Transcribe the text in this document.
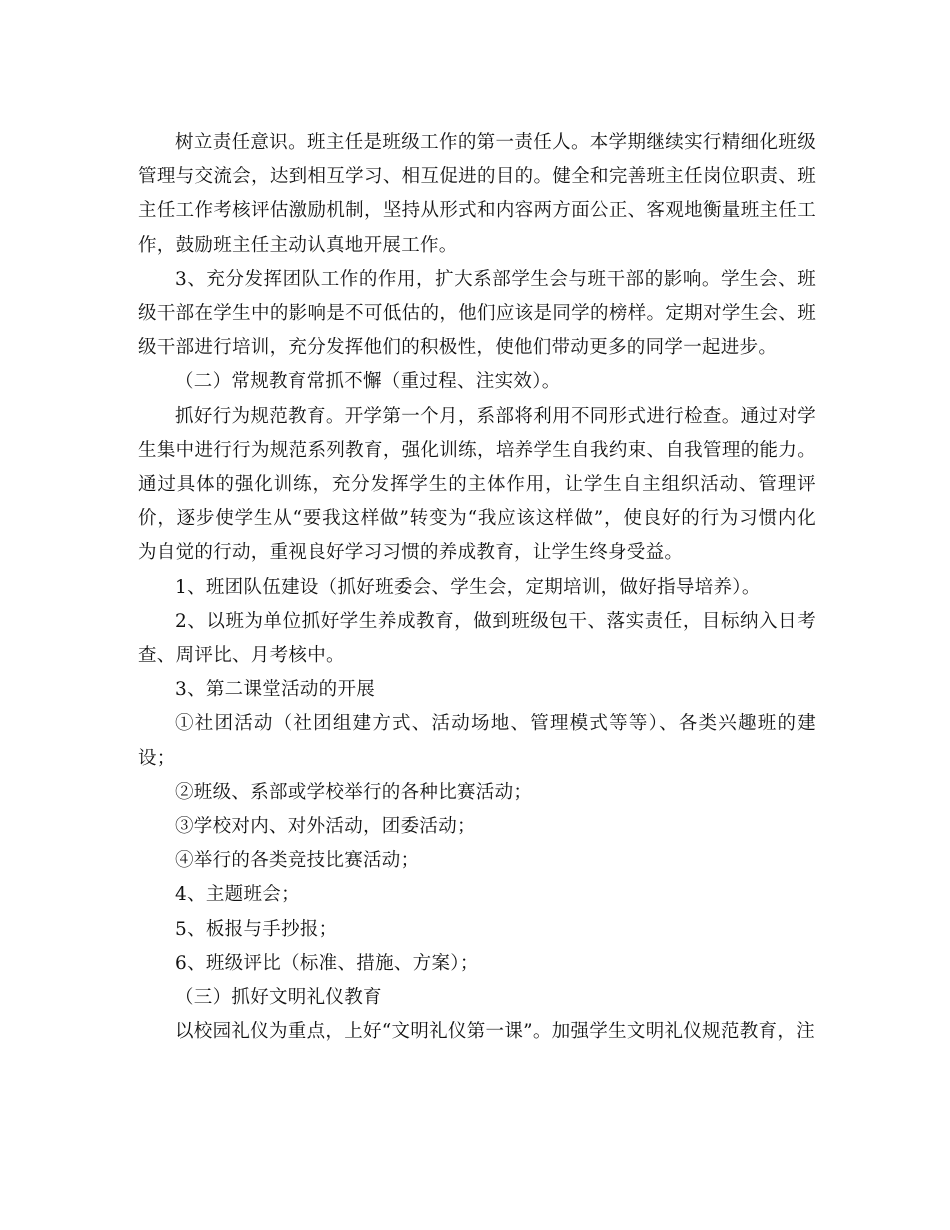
树立责任意识。班主任是班级工作的第一责任人。本学期继续实行精细化班级管理与交流会，达到相互学习、相互促进的目的。健全和完善班主任岗位职责、班主任工作考核评估激励机制，坚持从形式和内容两方面公正、客观地衡量班主任工作，鼓励班主任主动认真地开展工作。

3、充分发挥团队工作的作用，扩大系部学生会与班干部的影响。学生会、班级干部在学生中的影响是不可低估的，他们应该是同学的榜样。定期对学生会、班级干部进行培训，充分发挥他们的积极性，使他们带动更多的同学一起进步。

（二）常规教育常抓不懈（重过程、注实效）。

抓好行为规范教育。开学第一个月，系部将利用不同形式进行检查。通过对学生集中进行行为规范系列教育，强化训练，培养学生自我约束、自我管理的能力。通过具体的强化训练，充分发挥学生的主体作用，让学生自主组织活动、管理评价，逐步使学生从“要我这样做”转变为“我应该这样做”，使良好的行为习惯内化为自觉的行动，重视良好学习习惯的养成教育，让学生终身受益。

1、班团队伍建设（抓好班委会、学生会，定期培训，做好指导培养）。

2、以班为单位抓好学生养成教育，做到班级包干、落实责任，目标纳入日考查、周评比、月考核中。

3、第二课堂活动的开展

①社团活动（社团组建方式、活动场地、管理模式等等）、各类兴趣班的建设；

②班级、系部或学校举行的各种比赛活动；

③学校对内、对外活动，团委活动；

④举行的各类竞技比赛活动；

4、主题班会；

5、板报与手抄报；

6、班级评比（标准、措施、方案）；

（三）抓好文明礼仪教育

以校园礼仪为重点，上好“文明礼仪第一课”。加强学生文明礼仪规范教育，注
